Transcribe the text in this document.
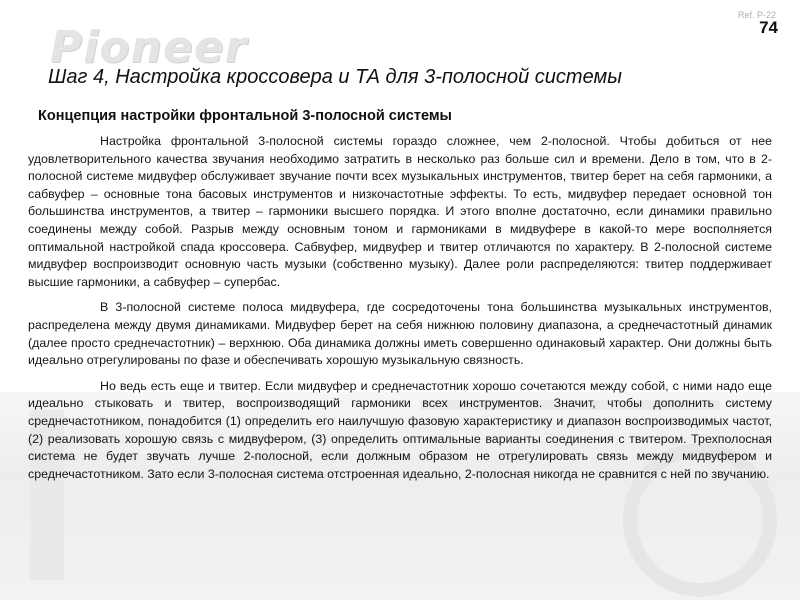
Pioneer
Ref. P-22
74
Шаг 4, Настройка кроссовера и ТА для 3-полосной системы
Концепция настройки фронтальной 3-полосной системы

Настройка фронтальной 3-полосной системы гораздо сложнее, чем 2-полосной. Чтобы добиться от нее удовлетворительного качества звучания необходимо затратить в несколько раз больше сил и времени. Дело в том, что в 2-полосной системе мидвуфер обслуживает звучание почти всех музыкальных инструментов, твитер берет на себя гармоники, а сабвуфер – основные тона басовых инструментов и низкочастотные эффекты. То есть, мидвуфер передает основной тон большинства инструментов, а твитер – гармоники высшего порядка. И этого вполне достаточно, если динамики правильно соединены между собой. Разрыв между основным тоном и гармониками в мидвуфере в какой-то мере восполняется оптимальной настройкой спада кроссовера. Сабвуфер, мидвуфер и твитер отличаются по характеру. В 2-полосной системе мидвуфер воспроизводит основную часть музыки (собственно музыку). Далее роли распределяются: твитер поддерживает высшие гармоники, а сабвуфер – супербас.

В 3-полосной системе полоса мидвуфера, где сосредоточены тона большинства музыкальных инструментов, распределена между двумя динамиками. Мидвуфер берет на себя нижнюю половину диапазона, а среднечастотный динамик (далее просто среднечастотник) – верхнюю. Оба динамика должны иметь совершенно одинаковый характер. Они должны быть идеально отрегулированы по фазе и обеспечивать хорошую музыкальную связность.

Но ведь есть еще и твитер. Если мидвуфер и среднечастотник хорошо сочетаются между собой, с ними надо еще идеально стыковать и твитер, воспроизводящий гармоники всех инструментов. Значит, чтобы дополнить систему среднечастотником, понадобится (1) определить его наилучшую фазовую характеристику и диапазон воспроизводимых частот, (2) реализовать хорошую связь с мидвуфером, (3) определить оптимальные варианты соединения с твитером. Трехполосная система не будет звучать лучше 2-полосной, если должным образом не отрегулировать связь между мидвуфером и среднечастотником. Зато если 3-полосная система отстроенная идеально, 2-полосная никогда не сравнится с ней по звучанию.
